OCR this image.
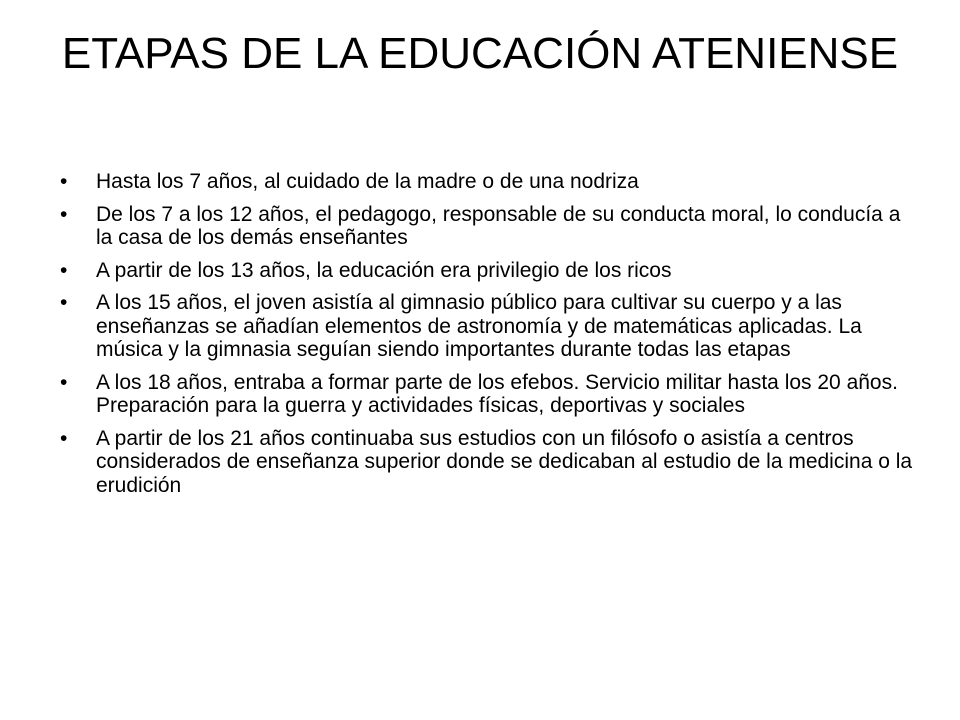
ETAPAS DE LA EDUCACIÓN ATENIENSE
• Hasta los 7 años, al cuidado de la madre o de una nodriza
• De los 7 a los 12 años, el pedagogo, responsable de su conducta moral, lo conducía a la casa de los demás enseñantes
• A partir de los 13 años, la educación era privilegio de los ricos
• A los 15 años, el joven asistía al gimnasio público para cultivar su cuerpo y a las enseñanzas se añadían elementos de astronomía y de matemáticas aplicadas. La música y la gimnasia seguían siendo importantes durante todas las etapas
• A los 18 años, entraba a formar parte de los efebos. Servicio militar hasta los 20 años. Preparación para la guerra y actividades físicas, deportivas y sociales
• A partir de los 21 años continuaba sus estudios con un filósofo o asistía a centros considerados de enseñanza superior donde se dedicaban al estudio de la medicina o la erudición
